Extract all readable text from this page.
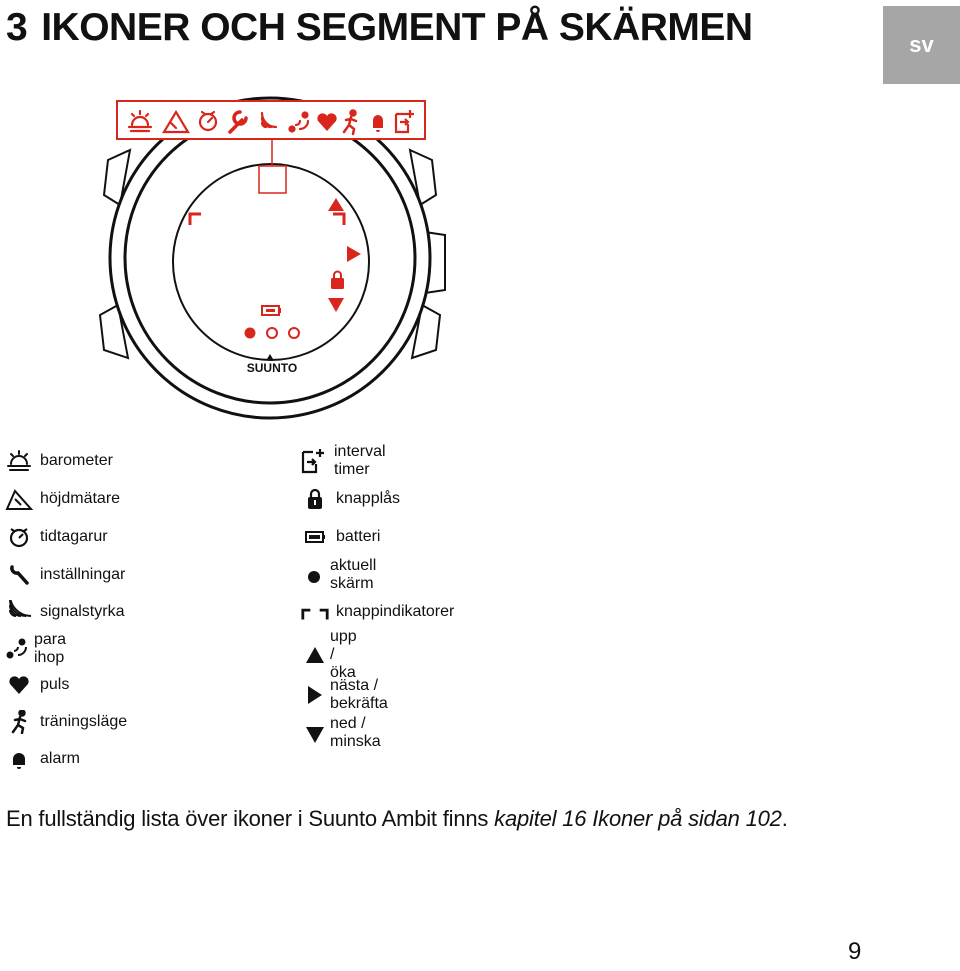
3 IKONER OCH SEGMENT PÅ SKÄRMEN	sv
SUUNTO
barometer
höjdmätare
tidtagarur
inställningar
signalstyrka
para ihop
puls
träningsläge
alarm
interval timer
knapplås
batteri
aktuell skärm
knappindikatorer
upp / öka
nästa / bekräfta
ned / minska
En fullständig lista över ikoner i Suunto Ambit finns kapitel 16 Ikoner på sidan 102.
9
